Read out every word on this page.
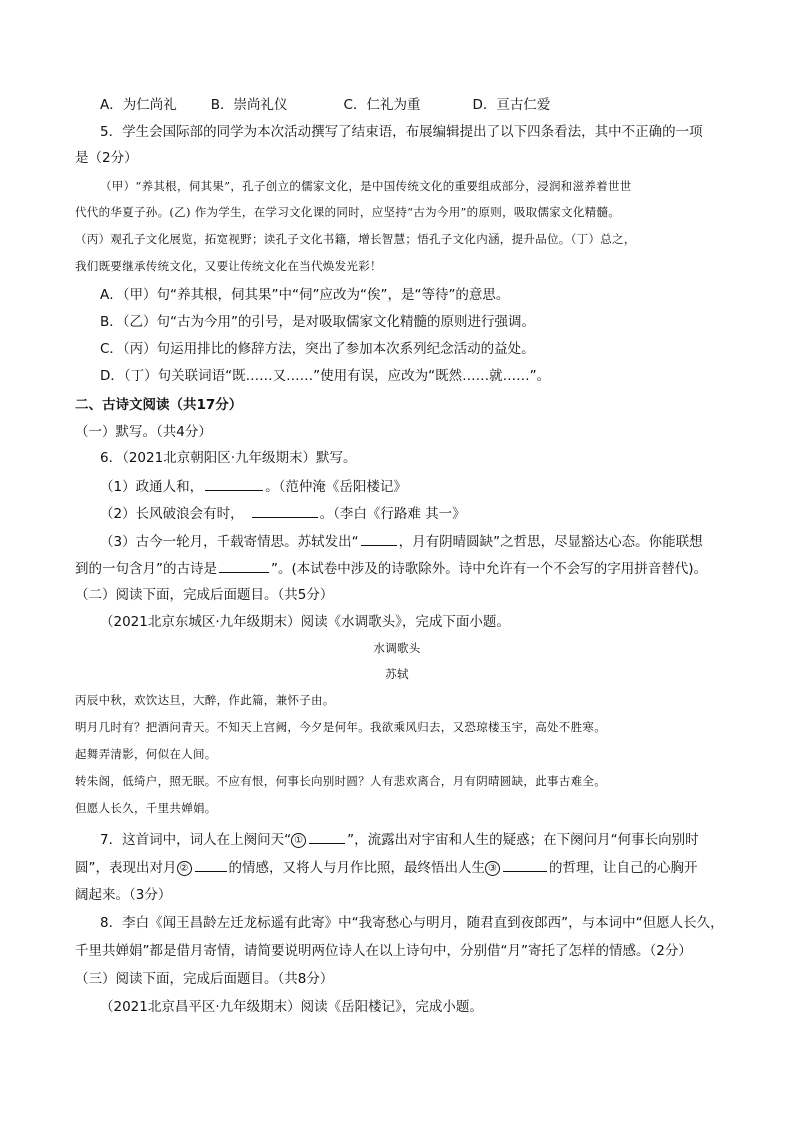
A．为仁尚礼	B．崇尚礼仪	C．仁礼为重	D．亘古仁爱
5．学生会国际部的同学为本次活动撰写了结束语，布展编辑提出了以下四条看法，其中不正确的一项
是（2分）
（甲）“养其根，伺其果”，孔子创立的儒家文化，是中国传统文化的重要组成部分，浸润和滋养着世世
代代的华夏子孙。(乙) 作为学生，在学习文化课的同时，应坚持“古为今用”的原则，吸取儒家文化精髓。
（丙）观孔子文化展览，拓宽视野；读孔子文化书籍，增长智慧；悟孔子文化内涵，提升品位。（丁）总之，
我们既要继承传统文化，又要让传统文化在当代焕发光彩！
A．（甲）句“养其根，伺其果”中“伺”应改为“俟”，是“等待”的意思。
B．（乙）句“古为今用”的引号，是对吸取儒家文化精髓的原则进行强调。
C．（丙）句运用排比的修辞方法，突出了参加本次系列纪念活动的益处。
D．（丁）句关联词语“既……又……”使用有误，应改为“既然……就……”。
二、古诗文阅读（共17分）
（一）默写。（共4分）
6．（2021北京朝阳区·九年级期末）默写。
（1）政通人和，	。（范仲淹《岳阳楼记》
（2）长风破浪会有时，	。（李白《行路难 其一》
（3）古今一轮月，千载寄情思。苏轼发出“	，月有阴晴圆缺”之哲思，尽显豁达心态。你能联想
到的一句含月”的古诗是	”。(本试卷中涉及的诗歌除外。诗中允许有一个不会写的字用拼音替代)。
（二）阅读下面，完成后面题目。（共5分）
（2021北京东城区·九年级期末）阅读《水调歌头》，完成下面小题。
水调歌头
苏轼
丙辰中秋，欢饮达旦，大醉，作此篇，兼怀子由。
明月几时有？把酒问青天。不知天上宫阙，今夕是何年。我欲乘风归去，又恐琼楼玉宇，高处不胜寒。
起舞弄清影，何似在人间。
转朱阁，低绮户，照无眠。不应有恨，何事长向别时圆？人有悲欢离合，月有阴晴圆缺，此事古难全。
但愿人长久，千里共婵娟。
7．这首词中，词人在上阕问天“ ①	”，流露出对宇宙和人生的疑惑；在下阕问月“何事长向别时
圆”，表现出对月 ②	的情感，又将人与月作比照，最终悟出人生 ③	的哲理，让自己的心胸开
阔起来。（3分）
8．李白《闻王昌龄左迁龙标遥有此寄》中“我寄愁心与明月，随君直到夜郎西”，与本词中“但愿人长久，
千里共婵娟”都是借月寄情，请简要说明两位诗人在以上诗句中，分别借“月”寄托了怎样的情感。（2分）
（三）阅读下面，完成后面题目。（共8分）
（2021北京昌平区·九年级期末）阅读《岳阳楼记》，完成小题。
